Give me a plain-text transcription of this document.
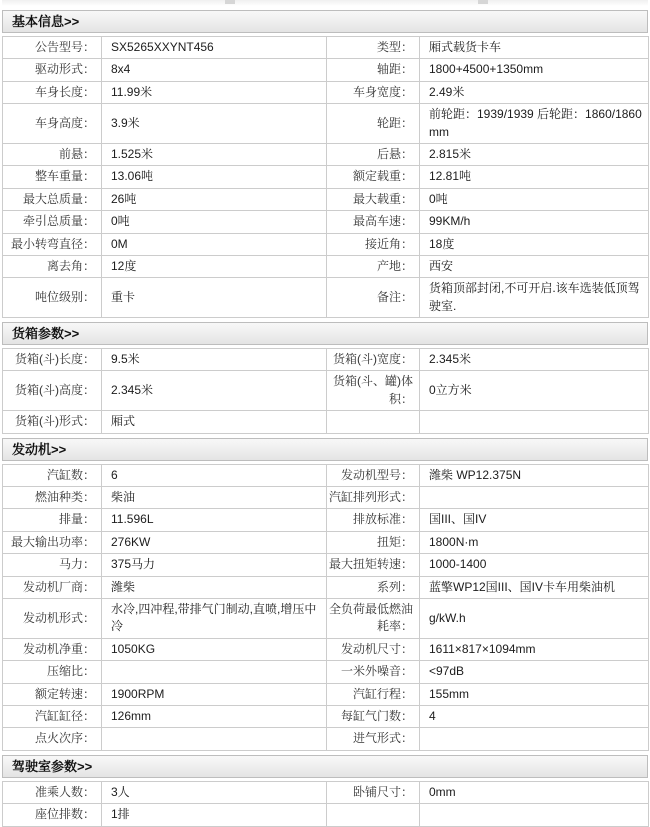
基本信息>>
公告型号：	SX5265XXYNT456	类型：	厢式载货卡车
驱动形式：	8x4	轴距：	1800+4500+1350mm
车身长度：	11.99米	车身宽度：	2.49米
车身高度：	3.9米	轮距：	前轮距：1939/1939 后轮距：1860/1860mm
前悬：	1.525米	后悬：	2.815米
整车重量：	13.06吨	额定载重：	12.81吨
最大总质量：	26吨	最大载重：	0吨
牵引总质量：	0吨	最高车速：	99KM/h
最小转弯直径：	0M	接近角：	18度
离去角：	12度	产地：	西安
吨位级别：	重卡	备注：	货箱顶部封闭,不可开启.该车选装低顶驾驶室.
货箱参数>>
货箱(斗)长度：	9.5米	货箱(斗)宽度：	2.345米
货箱(斗)高度：	2.345米	货箱(斗、罐)体积：	0立方米
货箱(斗)形式：	厢式		
发动机>>
汽缸数：	6	发动机型号：	潍柴 WP12.375N
燃油种类：	柴油	汽缸排列形式：	
排量：	11.596L	排放标准：	国III、国IV
最大输出功率：	276KW	扭矩：	1800N·m
马力：	375马力	最大扭矩转速：	1000-1400
发动机厂商：	潍柴	系列：	蓝擎WP12国III、国IV卡车用柴油机
发动机形式：	水冷,四冲程,带排气门制动,直喷,增压中冷	全负荷最低燃油耗率：	g/kW.h
发动机净重：	1050KG	发动机尺寸：	1611×817×1094mm
压缩比：		一米外噪音：	<97dB
额定转速：	1900RPM	汽缸行程：	155mm
汽缸缸径：	126mm	每缸气门数：	4
点火次序：		进气形式：	
驾驶室参数>>
准乘人数：	3人	卧铺尺寸：	0mm
座位排数：	1排		
